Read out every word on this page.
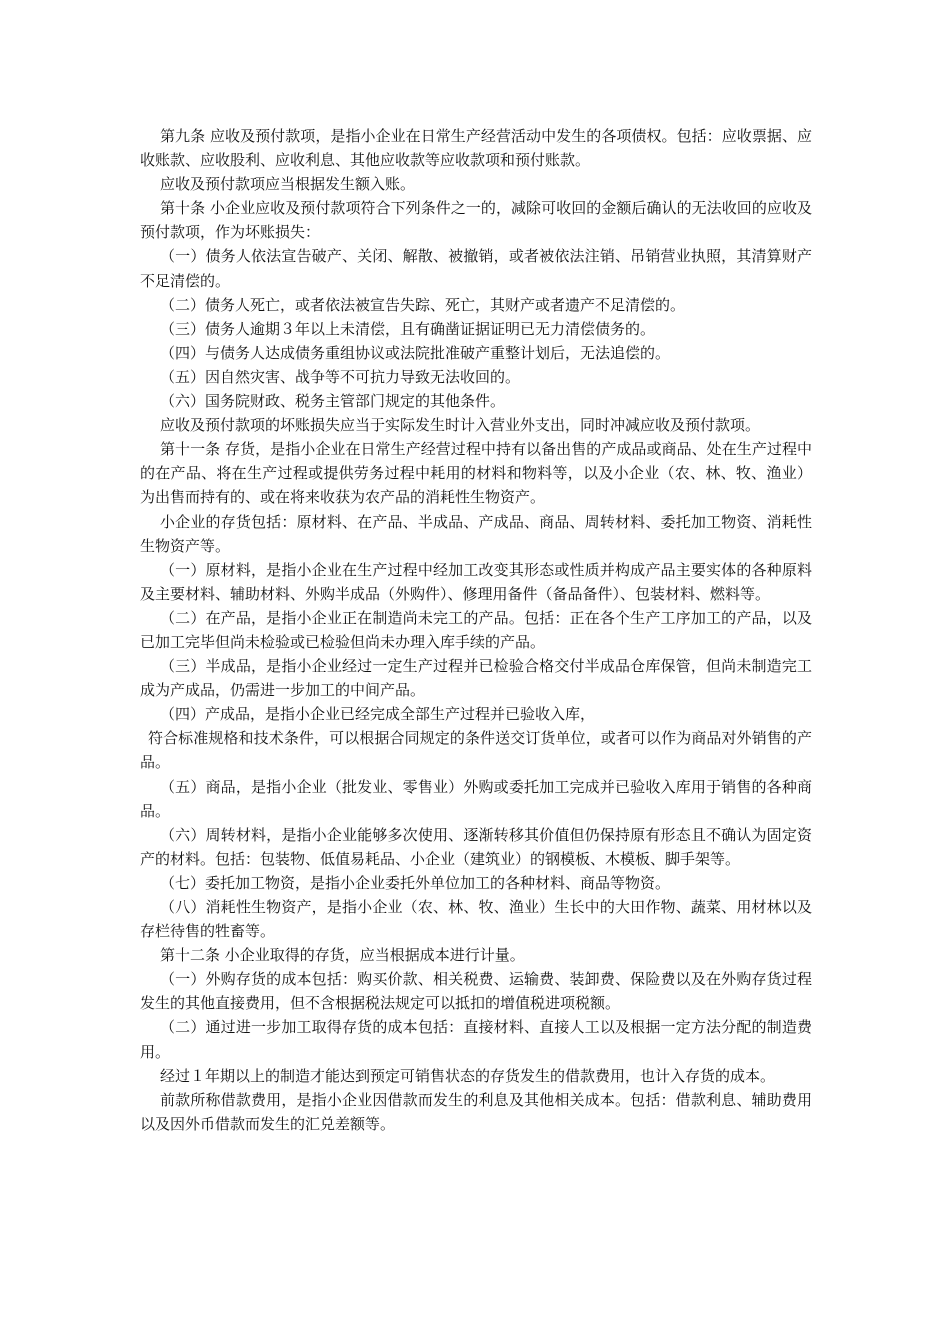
第九条 应收及预付款项，是指小企业在日常生产经营活动中发生的各项债权。包括：应收票据、应收账款、应收股利、应收利息、其他应收款等应收款项和预付账款。

应收及预付款项应当根据发生额入账。

第十条 小企业应收及预付款项符合下列条件之一的，减除可收回的金额后确认的无法收回的应收及预付款项，作为坏账损失：

（一）债务人依法宣告破产、关闭、解散、被撤销，或者被依法注销、吊销营业执照，其清算财产不足清偿的。

（二）债务人死亡，或者依法被宣告失踪、死亡，其财产或者遗产不足清偿的。

（三）债务人逾期３年以上未清偿，且有确凿证据证明已无力清偿债务的。

（四）与债务人达成债务重组协议或法院批准破产重整计划后，无法追偿的。

（五）因自然灾害、战争等不可抗力导致无法收回的。

（六）国务院财政、税务主管部门规定的其他条件。

应收及预付款项的坏账损失应当于实际发生时计入营业外支出，同时冲减应收及预付款项。

第十一条 存货，是指小企业在日常生产经营过程中持有以备出售的产成品或商品、处在生产过程中的在产品、将在生产过程或提供劳务过程中耗用的材料和物料等，以及小企业（农、林、牧、渔业）为出售而持有的、或在将来收获为农产品的消耗性生物资产。

小企业的存货包括：原材料、在产品、半成品、产成品、商品、周转材料、委托加工物资、消耗性生物资产等。

（一）原材料，是指小企业在生产过程中经加工改变其形态或性质并构成产品主要实体的各种原料及主要材料、辅助材料、外购半成品（外购件）、修理用备件（备品备件）、包装材料、燃料等。

（二）在产品，是指小企业正在制造尚未完工的产品。包括：正在各个生产工序加工的产品，以及已加工完毕但尚未检验或已检验但尚未办理入库手续的产品。

（三）半成品，是指小企业经过一定生产过程并已检验合格交付半成品仓库保管，但尚未制造完工成为产成品，仍需进一步加工的中间产品。

（四）产成品，是指小企业已经完成全部生产过程并已验收入库，

符合标准规格和技术条件，可以根据合同规定的条件送交订货单位，或者可以作为商品对外销售的产品。

（五）商品，是指小企业（批发业、零售业）外购或委托加工完成并已验收入库用于销售的各种商品。

（六）周转材料，是指小企业能够多次使用、逐渐转移其价值但仍保持原有形态且不确认为固定资产的材料。包括：包装物、低值易耗品、小企业（建筑业）的钢模板、木模板、脚手架等。

（七）委托加工物资，是指小企业委托外单位加工的各种材料、商品等物资。

（八）消耗性生物资产，是指小企业（农、林、牧、渔业）生长中的大田作物、蔬菜、用材林以及存栏待售的牲畜等。

第十二条 小企业取得的存货，应当根据成本进行计量。

（一）外购存货的成本包括：购买价款、相关税费、运输费、装卸费、保险费以及在外购存货过程发生的其他直接费用，但不含根据税法规定可以抵扣的增值税进项税额。

（二）通过进一步加工取得存货的成本包括：直接材料、直接人工以及根据一定方法分配的制造费用。

经过１年期以上的制造才能达到预定可销售状态的存货发生的借款费用，也计入存货的成本。

前款所称借款费用，是指小企业因借款而发生的利息及其他相关成本。包括：借款利息、辅助费用以及因外币借款而发生的汇兑差额等。
